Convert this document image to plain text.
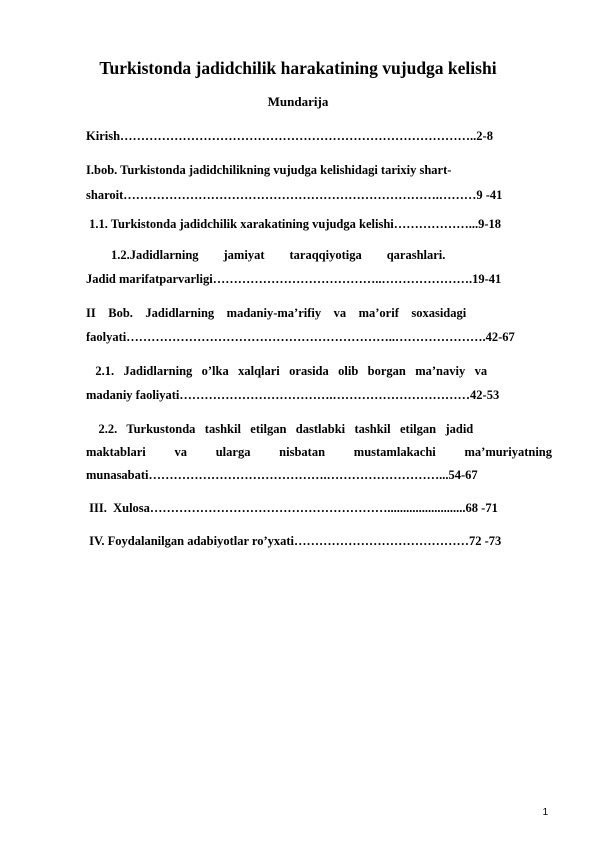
Turkistonda jadidchilik harakatining vujudga kelishi
Mundarija
Kirish…………………………………………………………………………..2-8
I.bob. Turkistonda jadidchilikning vujudga kelishidagi tarixiy shart-
sharoit………………………………………………………………….………9 -41
1.1. Turkistonda jadidchilik xarakatining vujudga kelishi………………...9-18
1.2.Jadidlarning        jamiyat        taraqqiyotiga        qarashlari.
Jadid marifatparvarligi…………………………………..………………….19-41
II    Bob.    Jadidlarning    madaniy-ma’rifiy    va    ma’orif    soxasidagi
faolyati………………………………………………………..………………….42-67
2.1.   Jadidlarning   o’lka   xalqlari   orasida   olib   borgan   ma’naviy   va
madaniy faoliyati……………………………….……………………………42-53
2.2.   Turkustonda   tashkil   etilgan   dastlabki   tashkil   etilgan   jadid
maktablari   va   ularga   nisbatan   mustamlakachi   ma’muriyatning
munasabati…………………………………….………………………...54-67
III.  Xulosa………………………………………………….........................68 -71
IV. Foydalanilgan adabiyotlar ro’yxati……………………………………72 -73
1
